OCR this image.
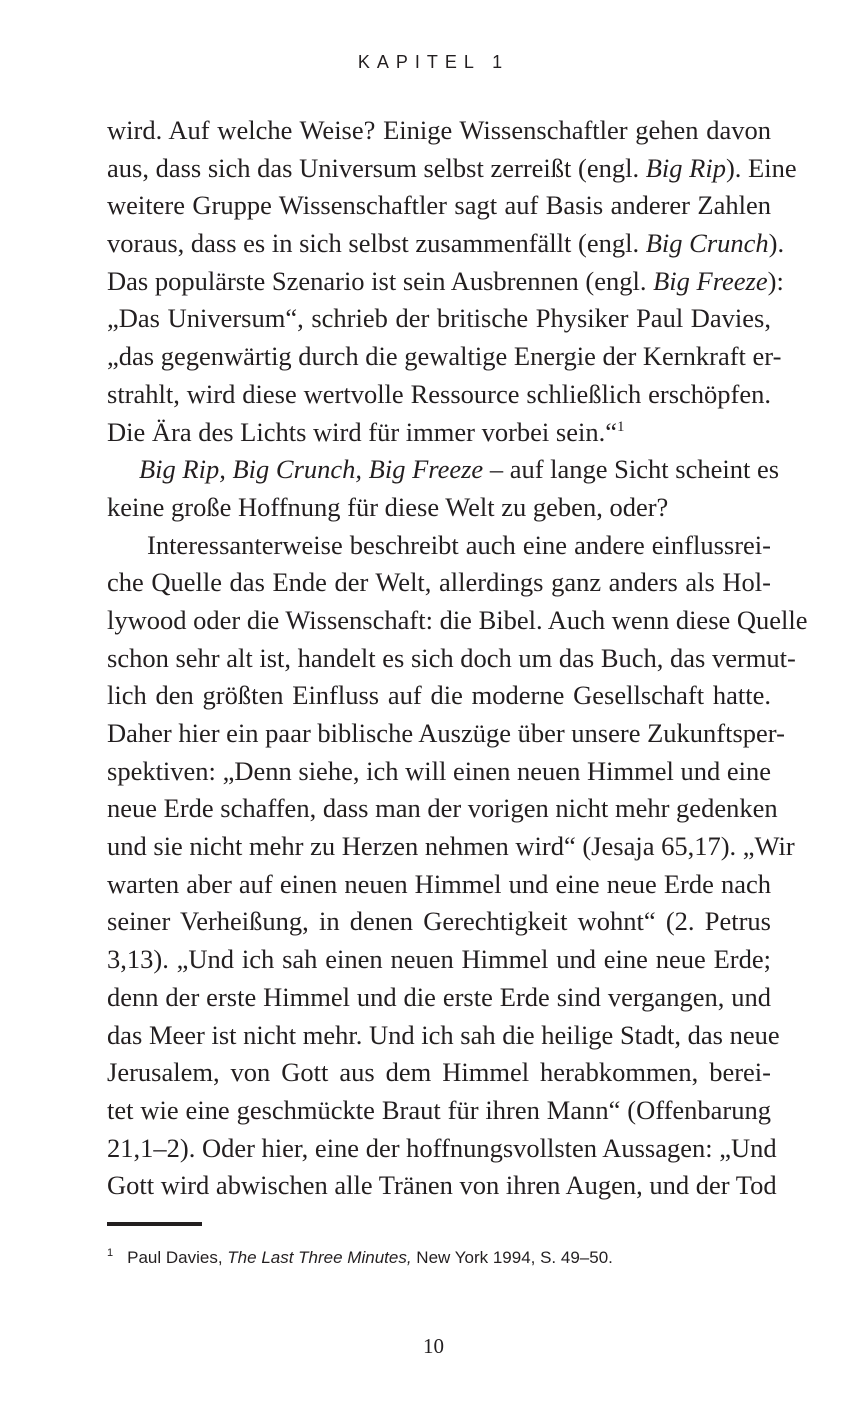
KAPITEL 1
wird. Auf welche Weise? Einige Wissenschaftler gehen davon
aus, dass sich das Universum selbst zerreißt (engl. Big Rip). Eine
weitere Gruppe Wissenschaftler sagt auf Basis anderer Zahlen
voraus, dass es in sich selbst zusammenfällt (engl. Big Crunch).
Das populärste Szenario ist sein Ausbrennen (engl. Big Freeze):
„Das Universum“, schrieb der britische Physiker Paul Davies,
„das gegenwärtig durch die gewaltige Energie der Kernkraft er-
strahlt, wird diese wertvolle Ressource schließlich erschöpfen.
Die Ära des Lichts wird für immer vorbei sein.“$^1$
Big Rip, Big Crunch, Big Freeze – auf lange Sicht scheint es
keine große Hoffnung für diese Welt zu geben, oder?
Interessanterweise beschreibt auch eine andere einflussrei-
che Quelle das Ende der Welt, allerdings ganz anders als Hol-
lywood oder die Wissenschaft: die Bibel. Auch wenn diese Quelle
schon sehr alt ist, handelt es sich doch um das Buch, das vermut-
lich den größten Einfluss auf die moderne Gesellschaft hatte.
Daher hier ein paar biblische Auszüge über unsere Zukunftsper-
spektiven: „Denn siehe, ich will einen neuen Himmel und eine
neue Erde schaffen, dass man der vorigen nicht mehr gedenken
und sie nicht mehr zu Herzen nehmen wird“ (Jesaja 65,17). „Wir
warten aber auf einen neuen Himmel und eine neue Erde nach
seiner Verheißung, in denen Gerechtigkeit wohnt“ (2. Petrus
3,13). „Und ich sah einen neuen Himmel und eine neue Erde;
denn der erste Himmel und die erste Erde sind vergangen, und
das Meer ist nicht mehr. Und ich sah die heilige Stadt, das neue
Jerusalem, von Gott aus dem Himmel herabkommen, berei-
tet wie eine geschmückte Braut für ihren Mann“ (Offenbarung
21,1–2). Oder hier, eine der hoffnungsvollsten Aussagen: „Und
Gott wird abwischen alle Tränen von ihren Augen, und der Tod
$^1$ Paul Davies, The Last Three Minutes, New York 1994, S. 49–50.
10
